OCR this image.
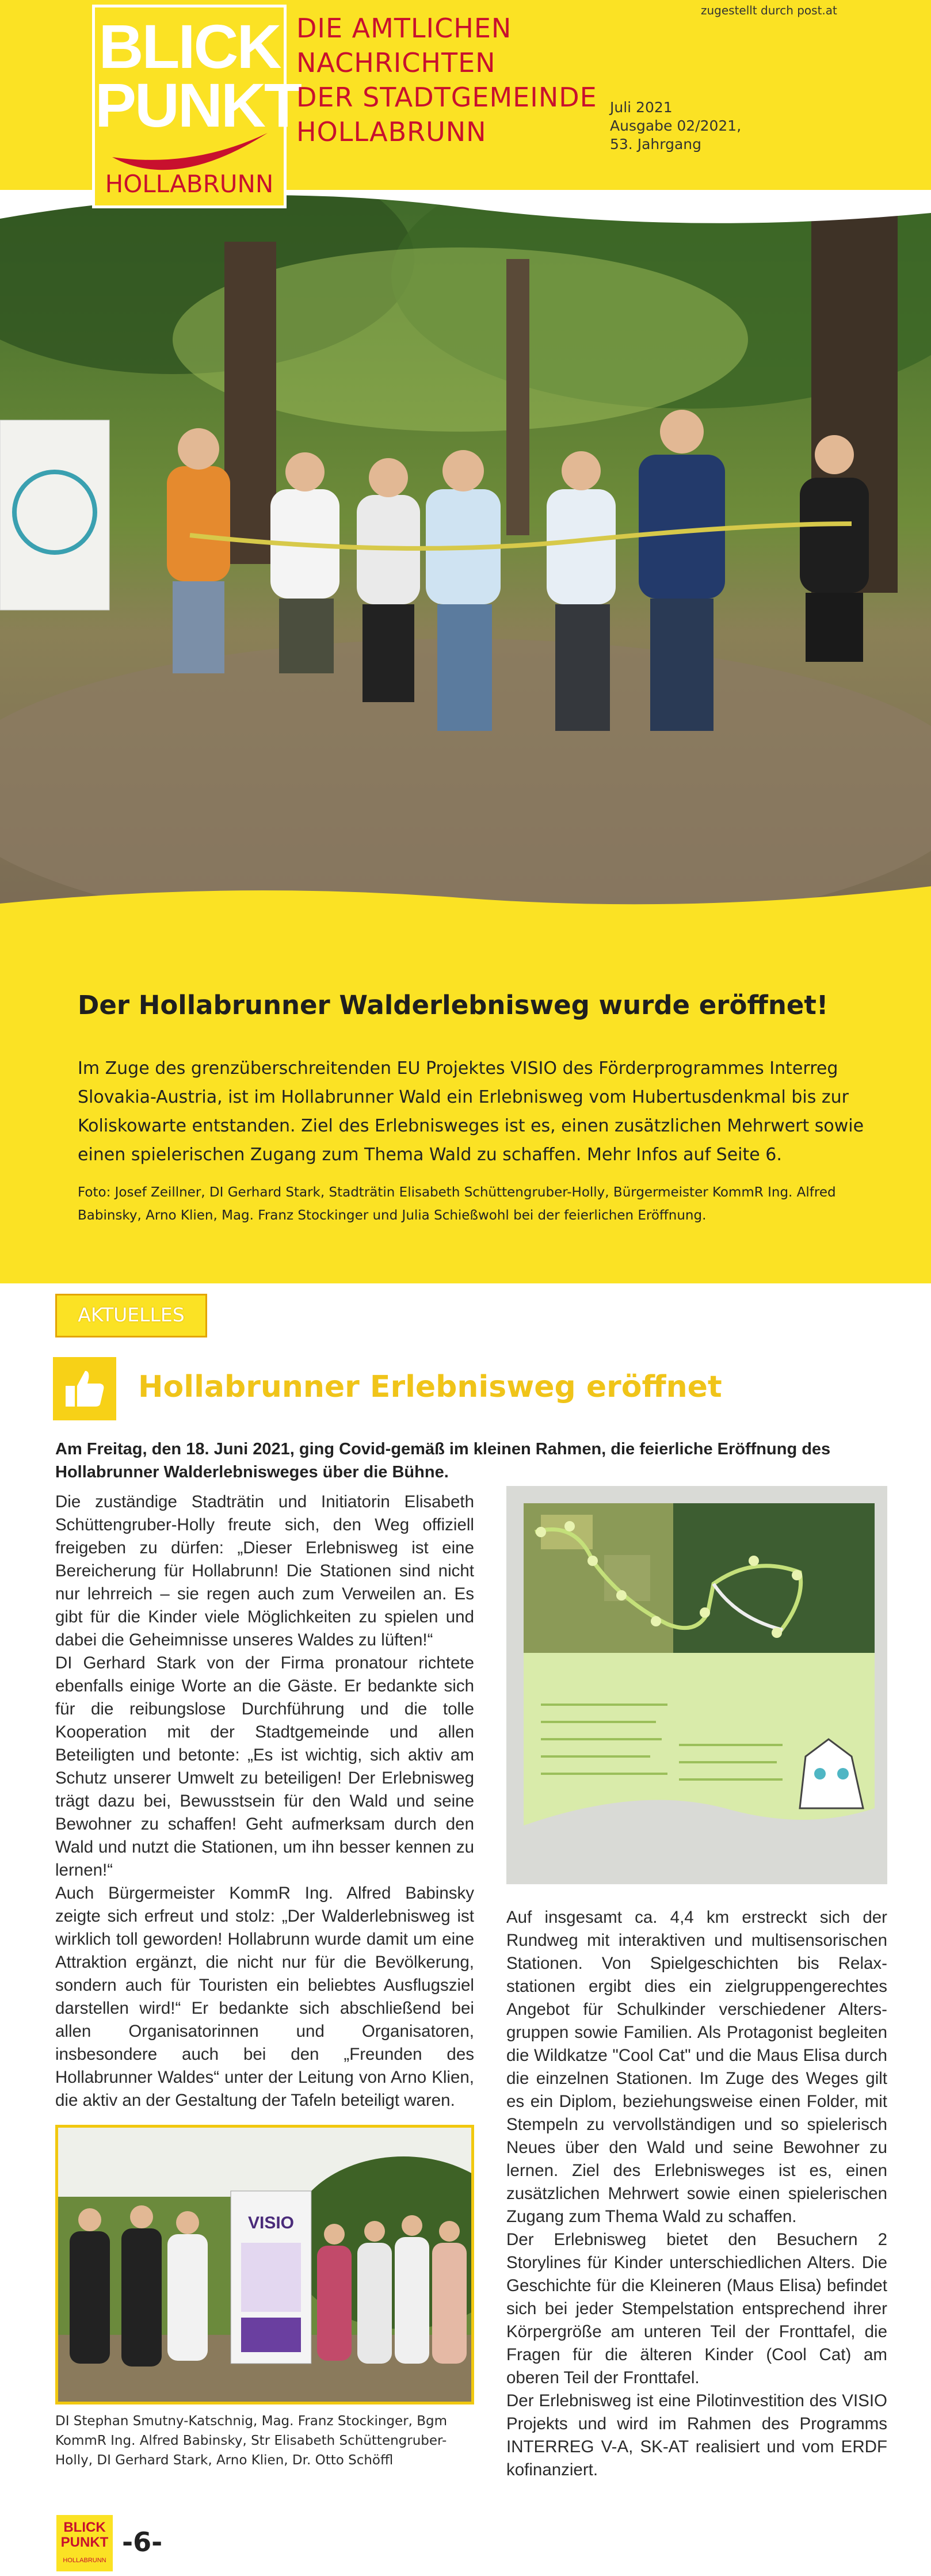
BLICK
PUNKT
HOLLABRUNN
DIE AMTLICHEN
NACHRICHTEN
DER STADTGEMEINDE
HOLLABRUNN
Juli 2021
Ausgabe 02/2021,
53. Jahrgang
zugestellt durch post.at
Der Hollabrunner Walderlebnisweg wurde eröffnet!
Im Zuge des grenzüberschreitenden EU Projektes VISIO des Förderprogrammes Interreg Slovakia-Austria, ist im Hollabrunner Wald ein Erlebnisweg vom Hubertusdenkmal bis zur Koliskowarte entstanden. Ziel des Erlebnisweges ist es, einen zusätzlichen Mehrwert sowie einen spielerischen Zugang zum Thema Wald zu schaffen. Mehr Infos auf Seite 6.
Foto: Josef Zeillner, DI Gerhard Stark, Stadträtin Elisabeth Schüttengruber-Holly, Bürgermeister KommR Ing. Alfred Babinsky, Arno Klien, Mag. Franz Stockinger und Julia Schießwohl bei der feierlichen Eröffnung.
AKTUELLES
Hollabrunner Erlebnisweg eröffnet
Am Freitag, den 18. Juni 2021, ging Covid-gemäß im kleinen Rahmen, die feierliche Eröffnung des Hollabrunner Walderlebnisweges über die Bühne.

Die zuständige Stadträtin und Initiatorin Elisabeth Schüttengruber-Holly freute sich, den Weg offiziell freigeben zu dürfen: „Dieser Erlebnisweg ist eine Bereicherung für Hollabrunn! Die Stationen sind nicht nur lehrreich – sie regen auch zum Verweilen an. Es gibt für die Kinder viele Möglichkeiten zu spielen und dabei die Geheimnisse unseres Waldes zu lüften!“

DI Gerhard Stark von der Firma pronatour richtete ebenfalls einige Worte an die Gäste. Er bedankte sich für die reibungslose Durchführung und die tolle Kooperation mit der Stadtgemeinde und allen Beteiligten und betonte: „Es ist wichtig, sich aktiv am Schutz unserer Umwelt zu beteiligen! Der Erlebnisweg trägt dazu bei, Bewusstsein für den Wald und seine Bewohner zu schaffen! Geht aufmerksam durch den Wald und nutzt die Stationen, um ihn besser kennen zu lernen!“

Auch Bürgermeister KommR Ing. Alfred Babinsky zeigte sich erfreut und stolz: „Der Walderlebnisweg ist wirklich toll geworden! Hollabrunn wurde damit um eine Attraktion ergänzt, die nicht nur für die Bevölkerung, sondern auch für Touristen ein beliebtes Ausflugsziel darstellen wird!“ Er bedankte sich abschließend bei allen Organisatorinnen und Organisatoren, insbesondere auch bei den „Freunden des Hollabrunner Waldes“ unter der Leitung von Arno Klien, die aktiv an der Gestaltung der Tafeln beteiligt waren.

VISIO
DI Stephan Smutny-Katschnig, Mag. Franz Stockinger, Bgm KommR Ing. Alfred Babinsky, Str Elisabeth Schüttengruber-Holly, DI Gerhard Stark, Arno Klien, Dr. Otto Schöffl

Auf insgesamt ca. 4,4 km erstreckt sich der Rundweg mit interaktiven und multisensorischen Stationen. Von Spielgeschichten bis Relax-stationen ergibt dies ein zielgruppengerechtes Angebot für Schulkinder verschiedener Alters-gruppen sowie Familien. Als Protagonist begleiten die Wildkatze "Cool Cat" und die Maus Elisa durch die einzelnen Stationen. Im Zuge des Weges gilt es ein Diplom, beziehungsweise einen Folder, mit Stempeln zu vervollständigen und so spielerisch Neues über den Wald und seine Bewohner zu lernen. Ziel des Erlebnisweges ist es, einen zusätzlichen Mehrwert sowie einen spielerischen Zugang zum Thema Wald zu schaffen.

Der Erlebnisweg bietet den Besuchern 2 Storylines für Kinder unterschiedlichen Alters. Die Geschichte für die Kleineren (Maus Elisa) befindet sich bei jeder Stempelstation entsprechend ihrer Körpergröße am unteren Teil der Fronttafel, die Fragen für die älteren Kinder (Cool Cat) am oberen Teil der Fronttafel.

Der Erlebnisweg ist eine Pilotinvestition des VISIO Projekts und wird im Rahmen des Programms INTERREG V-A, SK-AT realisiert und vom ERDF kofinanziert.

BLICK
PUNKT
HOLLABRUNN
-6-
